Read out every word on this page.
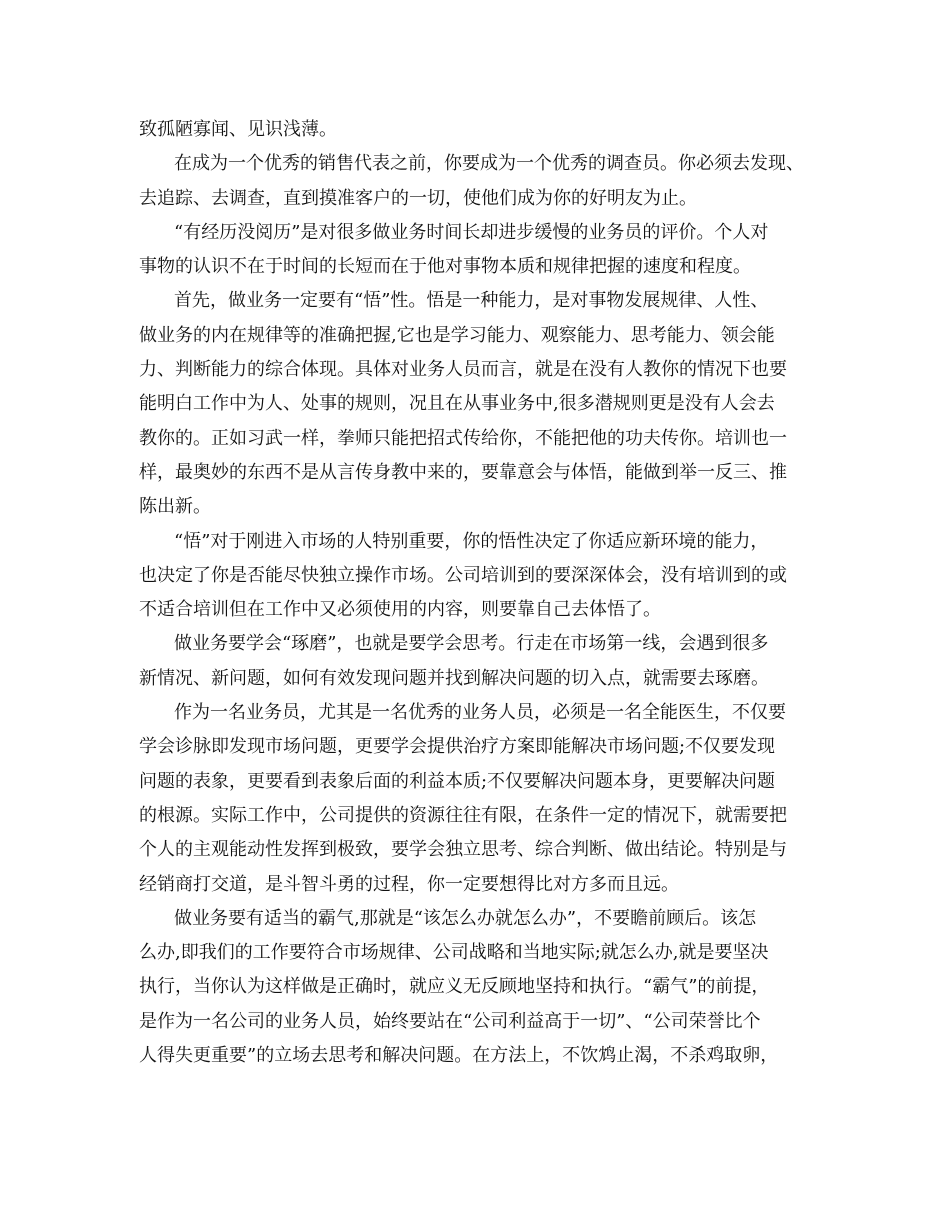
致孤陋寡闻、见识浅薄。
在成为一个优秀的销售代表之前，你要成为一个优秀的调查员。你必须去发现、
去追踪、去调查，直到摸准客户的一切，使他们成为你的好明友为止。
“有经历没阅历”是对很多做业务时间长却进步缓慢的业务员的评价。个人对
事物的认识不在于时间的长短而在于他对事物本质和规律把握的速度和程度。
首先，做业务一定要有“悟”性。悟是一种能力，是对事物发展规律、人性、
做业务的内在规律等的准确把握,它也是学习能力、观察能力、思考能力、领会能
力、判断能力的综合体现。具体对业务人员而言，就是在没有人教你的情况下也要
能明白工作中为人、处事的规则，况且在从事业务中,很多潜规则更是没有人会去
教你的。正如习武一样，拳师只能把招式传给你，不能把他的功夫传你。培训也一
样，最奥妙的东西不是从言传身教中来的，要靠意会与体悟，能做到举一反三、推
陈出新。
“悟”对于刚进入市场的人特别重要，你的悟性决定了你适应新环境的能力，
也决定了你是否能尽快独立操作市场。公司培训到的要深深体会，没有培训到的或
不适合培训但在工作中又必须使用的内容，则要靠自己去体悟了。
做业务要学会“琢磨”，也就是要学会思考。行走在市场第一线，会遇到很多
新情况、新问题，如何有效发现问题并找到解决问题的切入点，就需要去琢磨。
作为一名业务员，尤其是一名优秀的业务人员，必须是一名全能医生，不仅要
学会诊脉即发现市场问题，更要学会提供治疗方案即能解决市场问题;不仅要发现
问题的表象，更要看到表象后面的利益本质;不仅要解决问题本身，更要解决问题
的根源。实际工作中，公司提供的资源往往有限，在条件一定的情况下，就需要把
个人的主观能动性发挥到极致，要学会独立思考、综合判断、做出结论。特别是与
经销商打交道，是斗智斗勇的过程，你一定要想得比对方多而且远。
做业务要有适当的霸气,那就是“该怎么办就怎么办”，不要瞻前顾后。该怎
么办,即我们的工作要符合市场规律、公司战略和当地实际;就怎么办,就是要坚决
执行，当你认为这样做是正确时，就应义无反顾地坚持和执行。“霸气”的前提，
是作为一名公司的业务人员，始终要站在“公司利益高于一切”、“公司荣誉比个
人得失更重要”的立场去思考和解决问题。在方法上，不饮鸩止渴，不杀鸡取卵，
